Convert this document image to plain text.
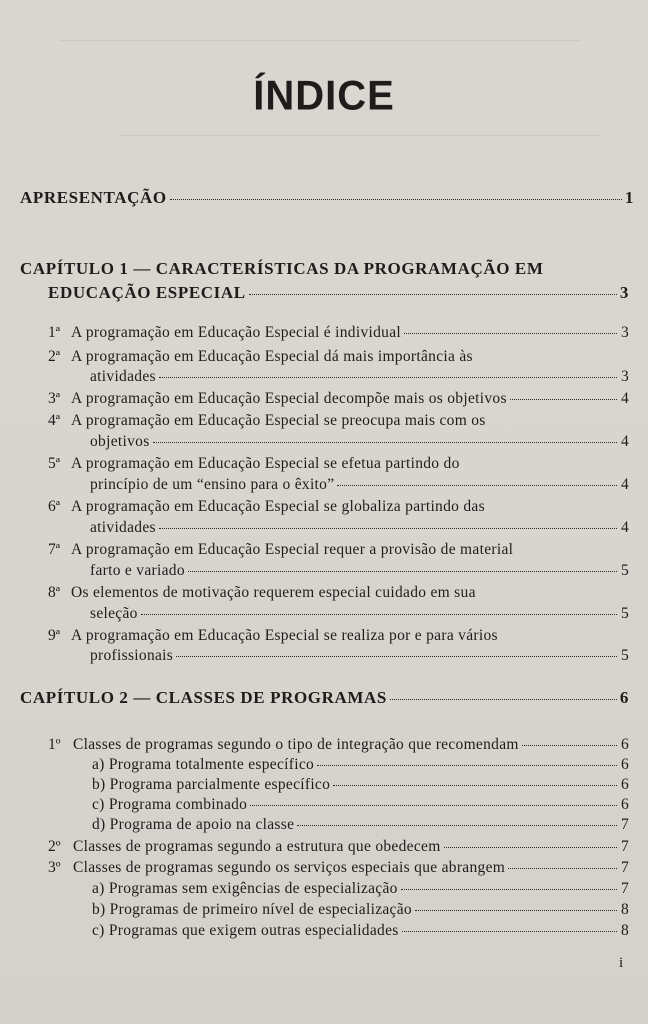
ÍNDICE
APRESENTAÇÃO	1
CAPÍTULO 1 — CARACTERÍSTICAS DA PROGRAMAÇÃO EM
EDUCAÇÃO ESPECIAL	3
1ª A programação em Educação Especial é individual	3
2ª A programação em Educação Especial dá mais importância às
atividades	3
3ª A programação em Educação Especial decompõe mais os objetivos	4
4ª A programação em Educação Especial se preocupa mais com os
objetivos	4
5ª A programação em Educação Especial se efetua partindo do
princípio de um “ensino para o êxito”	4
6ª A programação em Educação Especial se globaliza partindo das
atividades	4
7ª A programação em Educação Especial requer a provisão de material
farto e variado	5
8ª Os elementos de motivação requerem especial cuidado em sua
seleção	5
9ª A programação em Educação Especial se realiza por e para vários
profissionais	5
CAPÍTULO 2 — CLASSES DE PROGRAMAS	6
1º Classes de programas segundo o tipo de integração que recomendam	6
a) Programa totalmente específico	6
b) Programa parcialmente específico	6
c) Programa combinado	6
d) Programa de apoio na classe	7
2º Classes de programas segundo a estrutura que obedecem	7
3º Classes de programas segundo os serviços especiais que abrangem	7
a) Programas sem exigências de especialização	7
b) Programas de primeiro nível de especialização	8
c) Programas que exigem outras especialidades	8
i
